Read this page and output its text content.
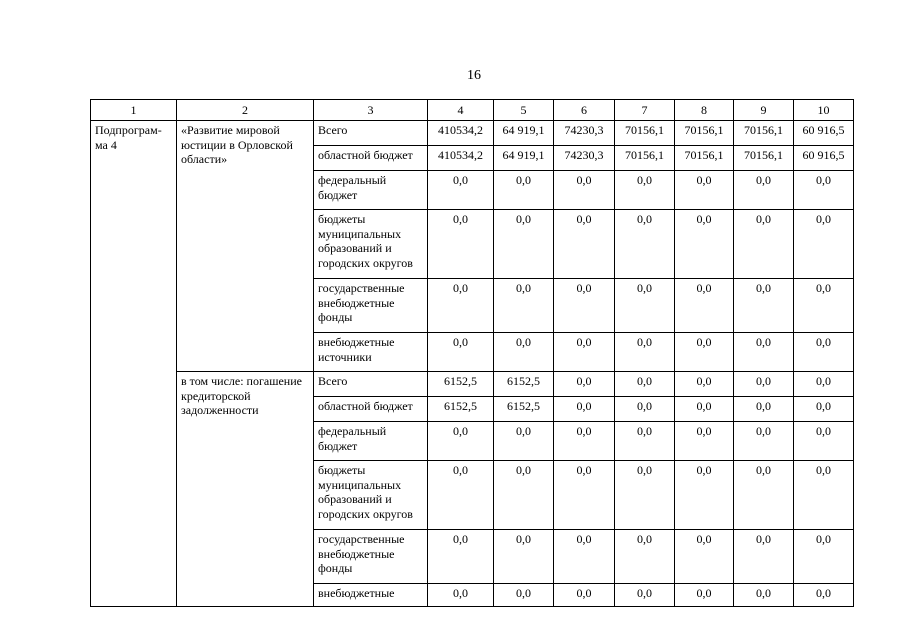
16
1	2	3	4	5	6	7	8	9	10
Подпрограм-ма 4	«Развитие мировой юстиции в Орловской области»	Всего	410534,2	64 919,1	74230,3	70156,1	70156,1	70156,1	60 916,5
		областной бюджет	410534,2	64 919,1	74230,3	70156,1	70156,1	70156,1	60 916,5
		федеральный бюджет	0,0	0,0	0,0	0,0	0,0	0,0	0,0
		бюджеты муниципальных образований и городских округов	0,0	0,0	0,0	0,0	0,0	0,0	0,0
		государственные внебюджетные фонды	0,0	0,0	0,0	0,0	0,0	0,0	0,0
		внебюджетные источники	0,0	0,0	0,0	0,0	0,0	0,0	0,0
	в том числе: погашение кредиторской задолженности	Всего	6152,5	6152,5	0,0	0,0	0,0	0,0	0,0
		областной бюджет	6152,5	6152,5	0,0	0,0	0,0	0,0	0,0
		федеральный бюджет	0,0	0,0	0,0	0,0	0,0	0,0	0,0
		бюджеты муниципальных образований и городских округов	0,0	0,0	0,0	0,0	0,0	0,0	0,0
		государственные внебюджетные фонды	0,0	0,0	0,0	0,0	0,0	0,0	0,0
		внебюджетные	0,0	0,0	0,0	0,0	0,0	0,0	0,0
